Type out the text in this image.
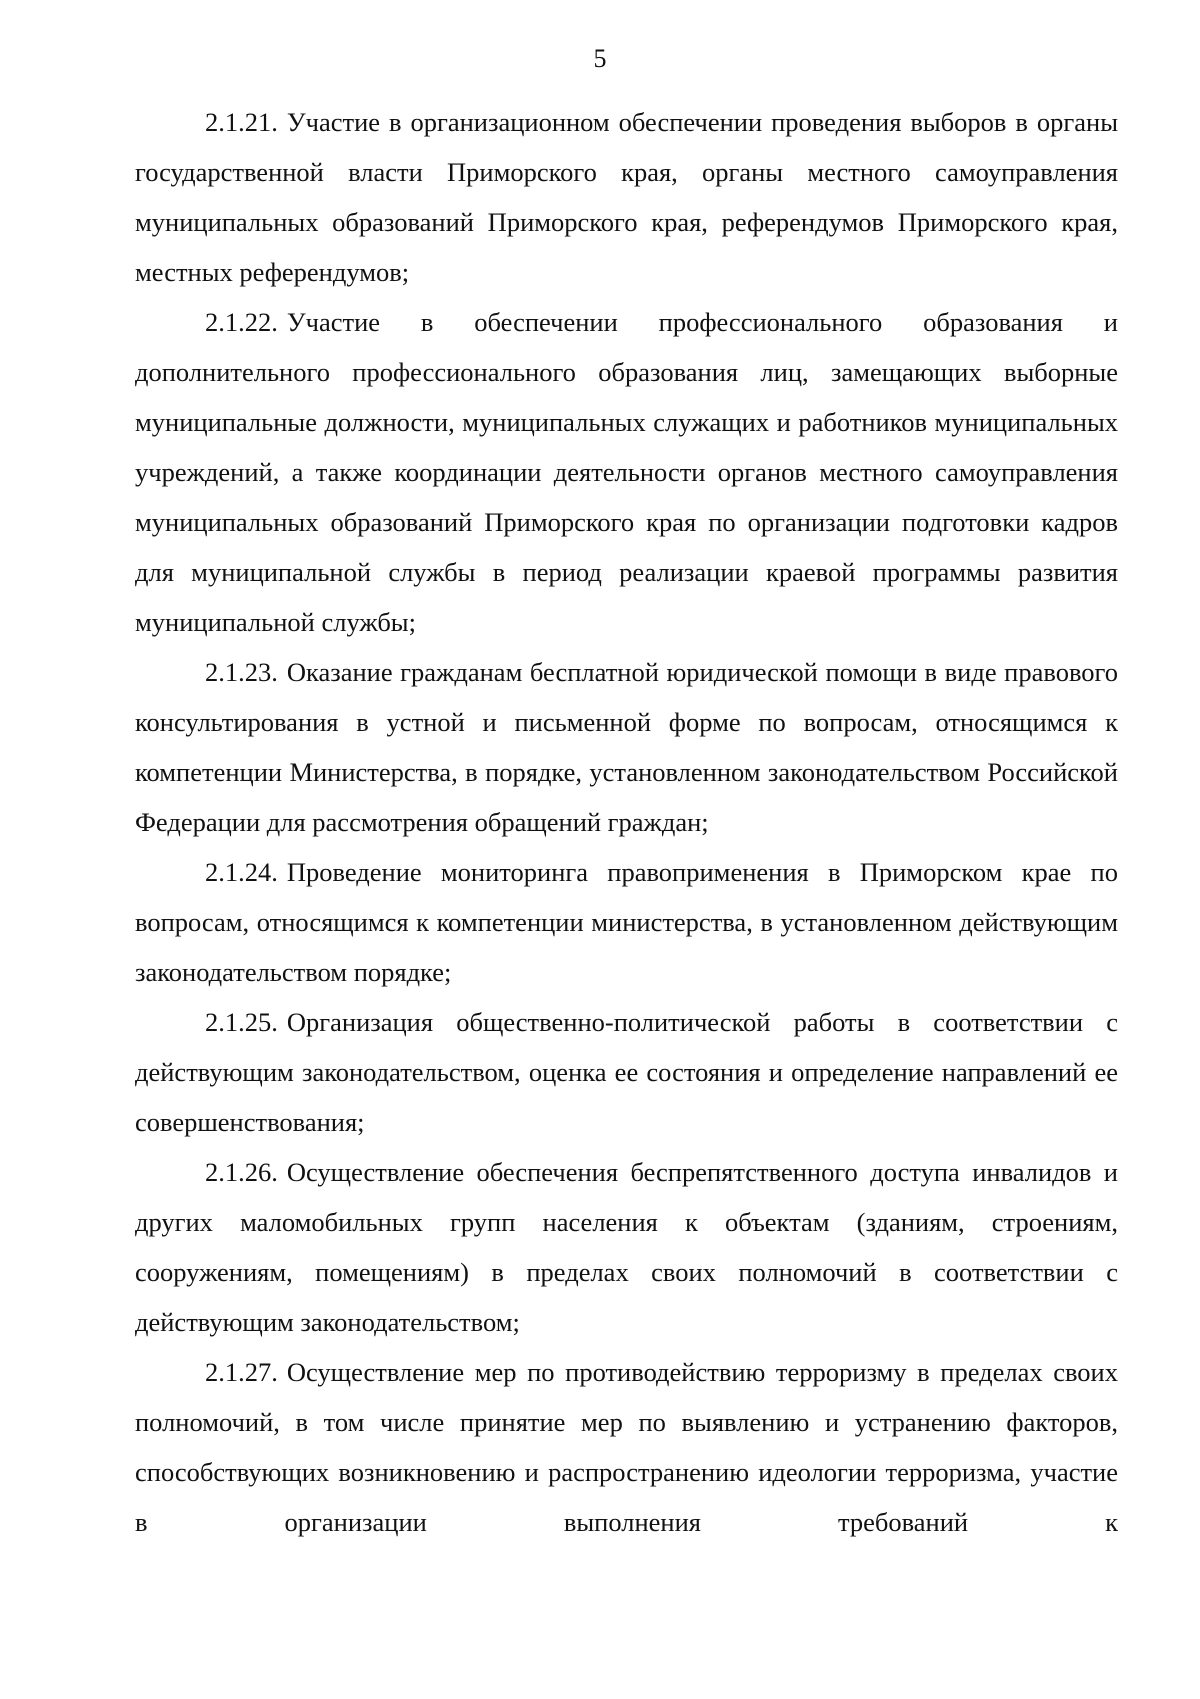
5

2.1.21. Участие в организационном обеспечении проведения выборов в органы государственной власти Приморского края, органы местного самоуправления муниципальных образований Приморского края, референдумов Приморского края, местных референдумов;

2.1.22. Участие в обеспечении профессионального образования и дополнительного профессионального образования лиц, замещающих выборные муниципальные должности, муниципальных служащих и работников муниципальных учреждений, а также координации деятельности органов местного самоуправления муниципальных образований Приморского края по организации подготовки кадров для муниципальной службы в период реализации краевой программы развития муниципальной службы;

2.1.23. Оказание гражданам бесплатной юридической помощи в виде правового консультирования в устной и письменной форме по вопросам, относящимся к компетенции Министерства, в порядке, установленном законодательством Российской Федерации для рассмотрения обращений граждан;

2.1.24. Проведение мониторинга правоприменения в Приморском крае по вопросам, относящимся к компетенции министерства, в установленном действующим законодательством порядке;

2.1.25. Организация общественно-политической работы в соответствии с действующим законодательством, оценка ее состояния и определение направлений ее совершенствования;

2.1.26. Осуществление обеспечения беспрепятственного доступа инвалидов и других маломобильных групп населения к объектам (зданиям, строениям, сооружениям, помещениям) в пределах своих полномочий в соответствии с действующим законодательством;

2.1.27. Осуществление мер по противодействию терроризму в пределах своих полномочий, в том числе принятие мер по выявлению и устранению факторов, способствующих возникновению и распространению идеологии терроризма, участие в организации выполнения требований к
